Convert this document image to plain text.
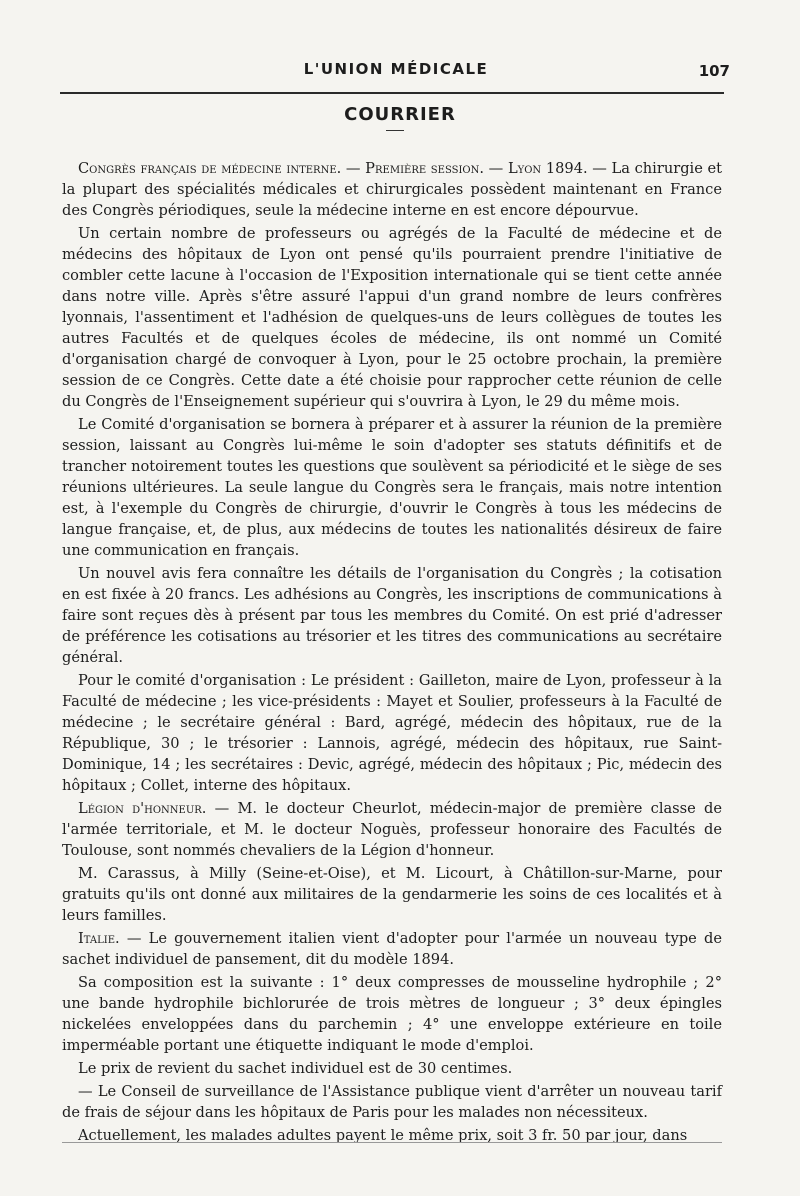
L'UNION MÉDICALE	107
COURRIER

Congrès français de médecine interne. — Première session. — Lyon 1894. — La chirurgie et la plupart des spécialités médicales et chirurgicales possèdent maintenant en France des Congrès périodiques, seule la médecine interne en est encore dépourvue.

Un certain nombre de professeurs ou agrégés de la Faculté de médecine et de médecins des hôpitaux de Lyon ont pensé qu'ils pourraient prendre l'initiative de combler cette lacune à l'occasion de l'Exposition internationale qui se tient cette année dans notre ville. Après s'être assuré l'appui d'un grand nombre de leurs confrères lyonnais, l'assentiment et l'adhésion de quelques-uns de leurs collègues de toutes les autres Facultés et de quelques écoles de médecine, ils ont nommé un Comité d'organisation chargé de convoquer à Lyon, pour le 25 octobre prochain, la première session de ce Congrès. Cette date a été choisie pour rapprocher cette réunion de celle du Congrès de l'Enseignement supérieur qui s'ouvrira à Lyon, le 29 du même mois.

Le Comité d'organisation se bornera à préparer et à assurer la réunion de la première session, laissant au Congrès lui-même le soin d'adopter ses statuts définitifs et de trancher notoirement toutes les questions que soulèvent sa périodicité et le siège de ses réunions ultérieures. La seule langue du Congrès sera le français, mais notre intention est, à l'exemple du Congrès de chirurgie, d'ouvrir le Congrès à tous les médecins de langue française, et, de plus, aux médecins de toutes les nationalités désireux de faire une communication en français.

Un nouvel avis fera connaître les détails de l'organisation du Congrès ; la cotisation en est fixée à 20 francs. Les adhésions au Congrès, les inscriptions de communications à faire sont reçues dès à présent par tous les membres du Comité. On est prié d'adresser de préférence les cotisations au trésorier et les titres des communications au secrétaire général.

Pour le comité d'organisation : Le président : Gailleton, maire de Lyon, professeur à la Faculté de médecine ; les vice-présidents : Mayet et Soulier, professeurs à la Faculté de médecine ; le secrétaire général : Bard, agrégé, médecin des hôpitaux, rue de la République, 30 ; le trésorier : Lannois, agrégé, médecin des hôpitaux, rue Saint-Dominique, 14 ; les secrétaires : Devic, agrégé, médecin des hôpitaux ; Pic, médecin des hôpitaux ; Collet, interne des hôpitaux.

Légion d'honneur. — M. le docteur Cheurlot, médecin-major de première classe de l'armée territoriale, et M. le docteur Noguès, professeur honoraire des Facultés de Toulouse, sont nommés chevaliers de la Légion d'honneur.

M. Carassus, à Milly (Seine-et-Oise), et M. Licourt, à Châtillon-sur-Marne, pour gratuits qu'ils ont donné aux militaires de la gendarmerie les soins de ces localités et à leurs familles.

Italie. — Le gouvernement italien vient d'adopter pour l'armée un nouveau type de sachet individuel de pansement, dit du modèle 1894.

Sa composition est la suivante : 1° deux compresses de mousseline hydrophile ; 2° une bande hydrophile bichlorurée de trois mètres de longueur ; 3° deux épingles nickelées enveloppées dans du parchemin ; 4° une enveloppe extérieure en toile imperméable portant une étiquette indiquant le mode d'emploi.

Le prix de revient du sachet individuel est de 30 centimes.

— Le Conseil de surveillance de l'Assistance publique vient d'arrêter un nouveau tarif de frais de séjour dans les hôpitaux de Paris pour les malades non nécessiteux.

Actuellement, les malades adultes payent le même prix, soit 3 fr. 50 par jour, dans
